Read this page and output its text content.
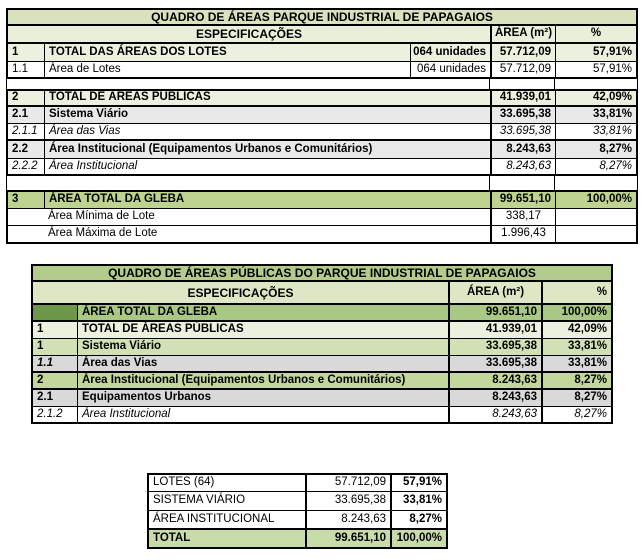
QUADRO DE ÁREAS PARQUE INDUSTRIAL DE PAPAGAIOS
ESPECIFICAÇÕES	ÁREA (m²)	%
1	TOTAL DAS ÁREAS DOS LOTES	064 unidades	57.712,09	57,91%
1.1	Área de Lotes	064 unidades	57.712,09	57,91%
2	TOTAL DE ÁREAS PÚBLICAS	41.939,01	42,09%
2.1	Sistema Viário	33.695,38	33,81%
2.1.1 Área das Vias	33.695,38	33,81%
2.2	Área Institucional (Equipamentos Urbanos e Comunitários)	8.243,63	8,27%
2.2.2 Área Institucional	8.243,63	8,27%
3	ÁREA TOTAL DA GLEBA	99.651,10	100,00%
Área Mínima de Lote	338,17
Área Máxima de Lote	1.996,43
QUADRO DE ÁREAS PÚBLICAS DO PARQUE INDUSTRIAL DE PAPAGAIOS
ESPECIFICAÇÕES	ÁREA (m²)	%
ÁREA TOTAL DA GLEBA	99.651,10	100,00%
1	TOTAL DE ÁREAS PÚBLICAS	41.939,01	42,09%
1	Sistema Viário	33.695,38	33,81%
1.1	Área das Vias	33.695,38	33,81%
2	Área Institucional (Equipamentos Urbanos e Comunitários)	8.243,63	8,27%
2.1	Equipamentos Urbanos	8.243,63	8,27%
2.1.2	Área Institucional	8.243,63	8,27%
LOTES (64)	57.712,09	57,91%
SISTEMA VIÁRIO	33.695,38	33,81%
ÁREA INSTITUCIONAL	8.243,63	8,27%
TOTAL	99.651,10 100,00%
